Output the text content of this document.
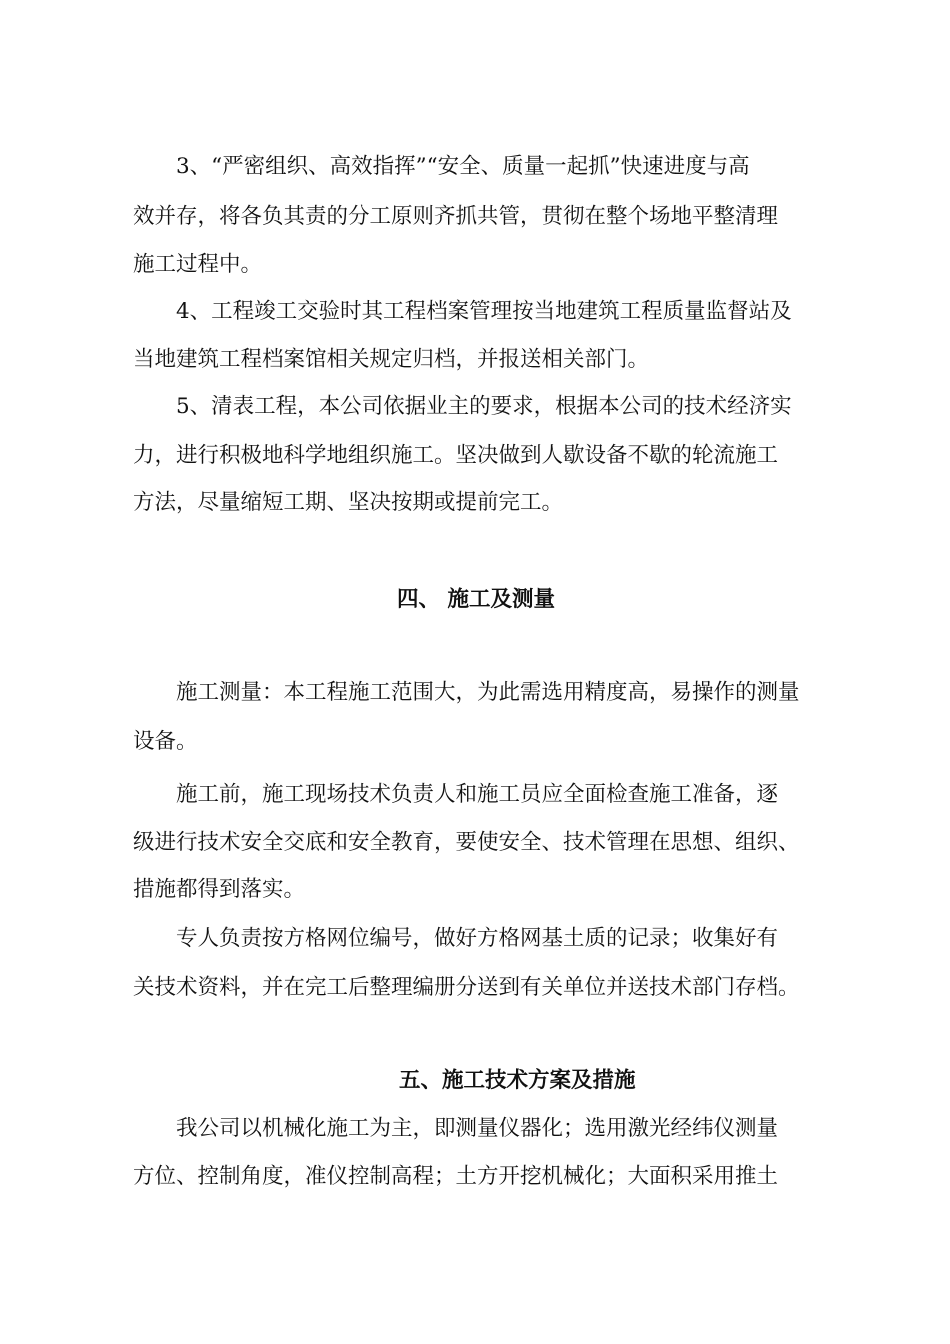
3、“严密组织、高效指挥”“安全、质量一起抓”快速进度与高
效并存，将各负其责的分工原则齐抓共管，贯彻在整个场地平整清理
施工过程中。
4、工程竣工交验时其工程档案管理按当地建筑工程质量监督站及
当地建筑工程档案馆相关规定归档，并报送相关部门。
5、清表工程，本公司依据业主的要求，根据本公司的技术经济实
力，进行积极地科学地组织施工。坚决做到人歇设备不歇的轮流施工
方法，尽量缩短工期、坚决按期或提前完工。
四、 施工及测量
施工测量：本工程施工范围大，为此需选用精度高，易操作的测量
设备。
施工前，施工现场技术负责人和施工员应全面检查施工准备，逐
级进行技术安全交底和安全教育，要使安全、技术管理在思想、组织、
措施都得到落实。
专人负责按方格网位编号，做好方格网基土质的记录；收集好有
关技术资料，并在完工后整理编册分送到有关单位并送技术部门存档。
五、施工技术方案及措施
我公司以机械化施工为主，即测量仪器化；选用激光经纬仪测量
方位、控制角度，准仪控制高程；土方开挖机械化；大面积采用推土
